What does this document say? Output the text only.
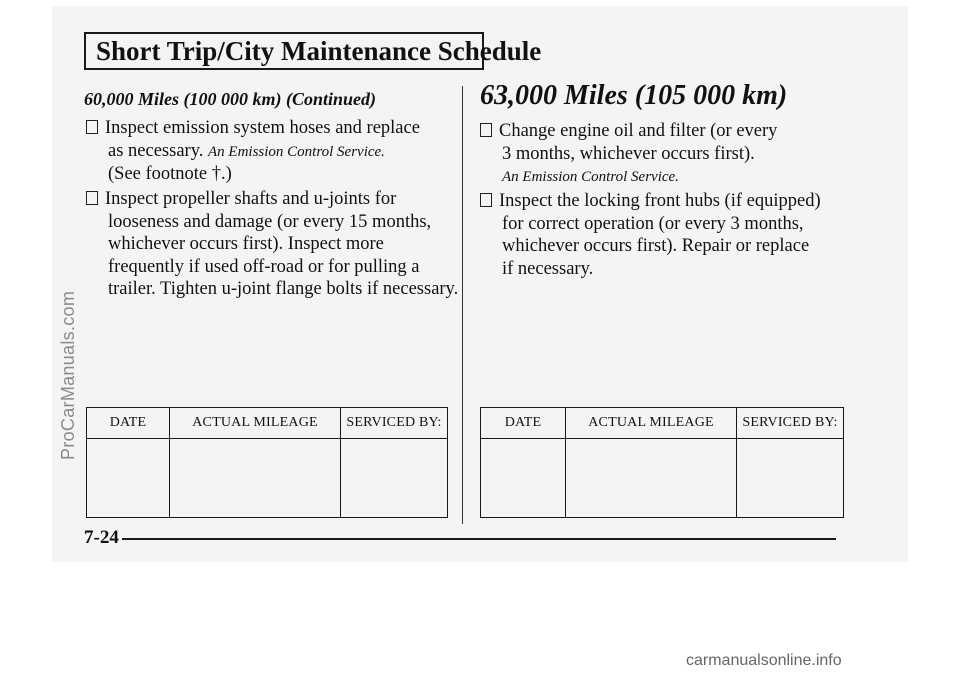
Short Trip/City Maintenance Schedule
60,000 Miles (100 000 km) (Continued)
Inspect emission system hoses and replace
as necessary. An Emission Control Service.
(See footnote †.)
Inspect propeller shafts and u-joints for
looseness and damage (or every 15 months,
whichever occurs first). Inspect more
frequently if used off-road or for pulling a
trailer. Tighten u-joint flange bolts if necessary.
DATE	ACTUAL MILEAGE	SERVICED BY:

63,000 Miles (105 000 km)
Change engine oil and filter (or every
3 months, whichever occurs first).
An Emission Control Service.
Inspect the locking front hubs (if equipped)
for correct operation (or every 3 months,
whichever occurs first). Repair or replace
if necessary.
DATE	ACTUAL MILEAGE	SERVICED BY:

7-24
ProCarManuals.com
carmanualsonline.info
